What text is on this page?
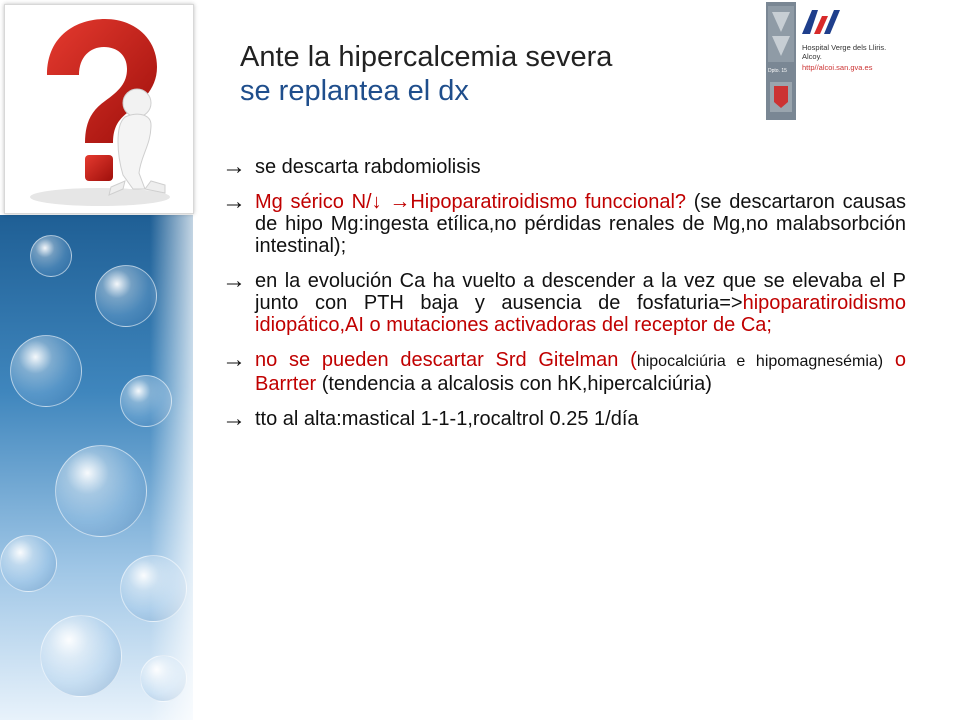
Ante la hipercalcemia severa
se replantea el dx
Dpto. 15
Hospital Verge dels Lliris.
Alcoy.
http//alcoi.san.gva.es
→ se descarta rabdomiolisis
→ Mg sérico N/↓ →Hipoparatiroidismo funccional? (se descartaron causas de hipo Mg:ingesta etílica,no pérdidas renales de Mg,no malabsorbción intestinal);
→ en la evolución Ca ha vuelto a descender a la vez que se elevaba el P junto con PTH baja y ausencia de fosfaturia=>hipoparatiroidismo idiopático,AI o mutaciones activadoras del receptor de Ca;
→ no se pueden descartar Srd Gitelman (hipocalciúria e hipomagnesémia) o Barrter (tendencia a alcalosis con hK,hipercalciúria)
→ tto al alta:mastical 1-1-1,rocaltrol 0.25 1/día
